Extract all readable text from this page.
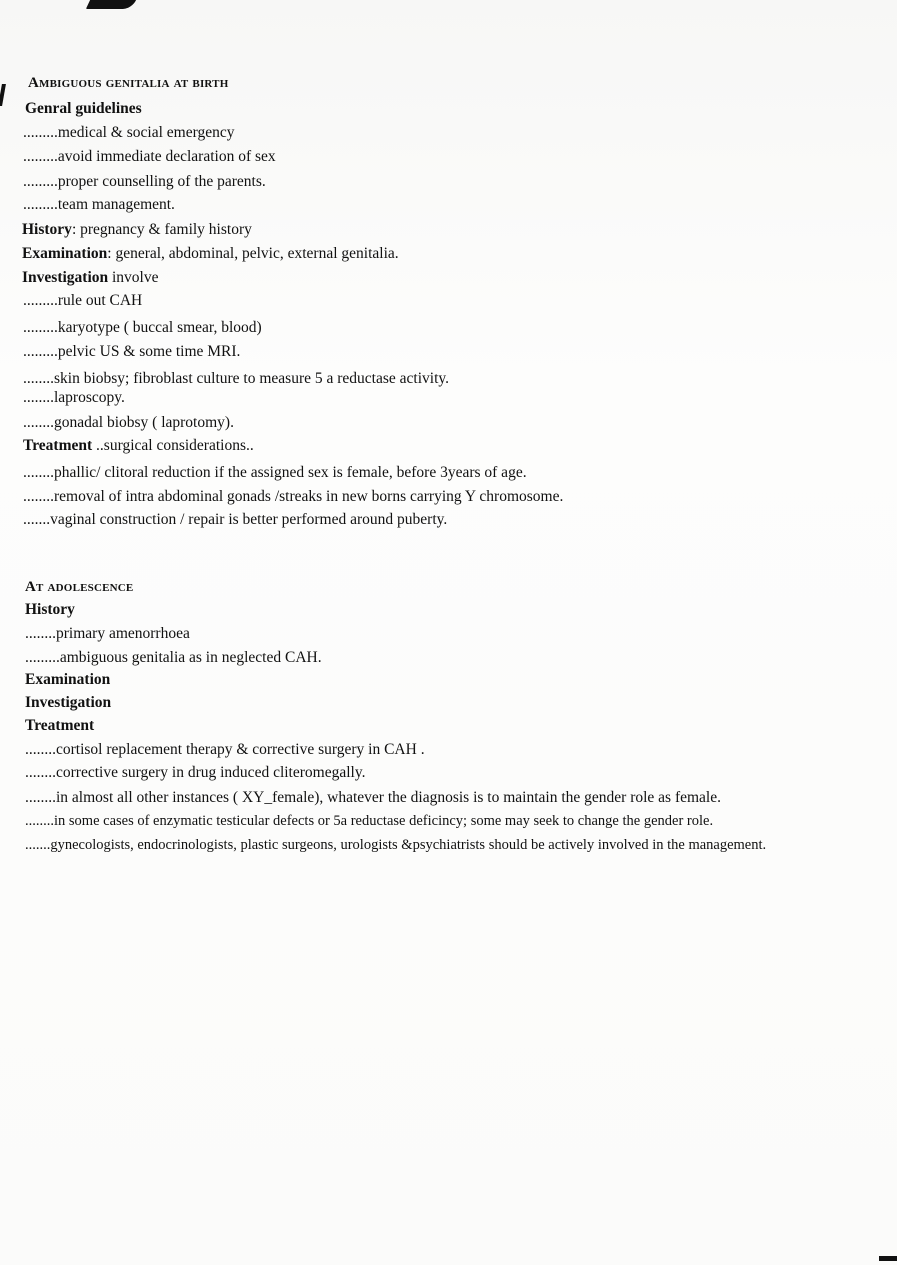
Ambiguous genitalia at birth
Genral guidelines
.........medical & social emergency
.........avoid immediate declaration of sex
.........proper counselling of the parents.
.........team management.
History: pregnancy & family history
Examination: general, abdominal, pelvic, external genitalia.
Investigation involve
.........rule out CAH
.........karyotype ( buccal smear, blood)
.........pelvic US & some time MRI.
........skin biobsy; fibroblast culture to measure 5 a reductase activity.
........laproscopy.
........gonadal biobsy ( laprotomy).
Treatment ..surgical considerations..
........phallic/ clitoral reduction if the assigned sex is female, before 3years of age.
........removal of intra abdominal gonads /streaks in new borns carrying Y chromosome.
.......vaginal construction / repair is better performed around puberty.
At adolescence
History
........primary amenorrhoea
.........ambiguous genitalia as in neglected CAH.
Examination
Investigation
Treatment
........cortisol replacement therapy & corrective surgery in CAH .
........corrective surgery in drug induced cliteromegally.
........in almost all other instances ( XY_female), whatever the diagnosis is to maintain the gender role as female.
........in some cases of enzymatic testicular defects or 5a reductase deficincy; some may seek to change the gender role.
.......gynecologists, endocrinologists, plastic surgeons, urologists &psychiatrists should be actively involved in the management.
